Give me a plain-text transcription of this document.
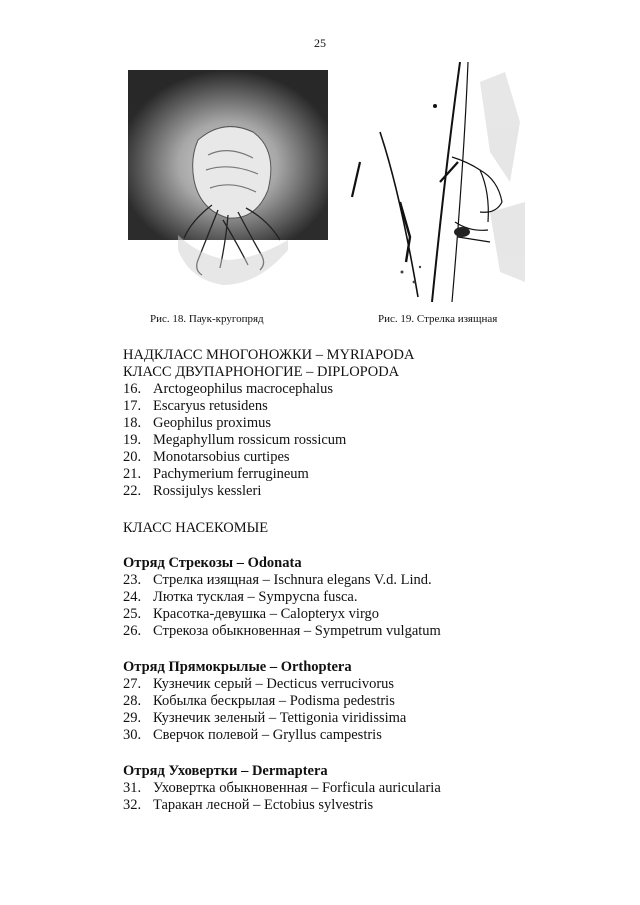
25
Рис. 18. Паук-кругопряд	Рис. 19. Стрелка изящная
НАДКЛАСС МНОГОНОЖКИ – MYRIAPODA
КЛАСС ДВУПАРНОНОГИЕ – DIPLOPODA
16. Arctogeophilus macrocephalus
17. Escaryus retusidens
18. Geophilus proximus
19. Megaphyllum rossicum rossicum
20. Monotarsobius curtipes
21. Pachymerium ferrugineum
22. Rossijulys kessleri
КЛАСС НАСЕКОМЫЕ
Отряд Стрекозы – Odonata
23. Стрелка изящная – Ischnura elegans V.d. Lind.
24. Лютка тусклая – Sympycna fusca.
25. Красотка-девушка – Calopteryx virgo
26. Стрекоза обыкновенная – Sympetrum vulgatum
Отряд Прямокрылые – Orthoptera
27. Кузнечик серый – Decticus verrucivorus
28. Кобылка бескрылая – Podisma pedestris
29. Кузнечик зеленый – Tettigonia viridissima
30. Сверчок полевой – Gryllus campestris
Отряд Уховертки – Dermaptera
31. Уховертка обыкновенная – Forficula auricularia
32. Таракан лесной – Ectobius sylvestris
